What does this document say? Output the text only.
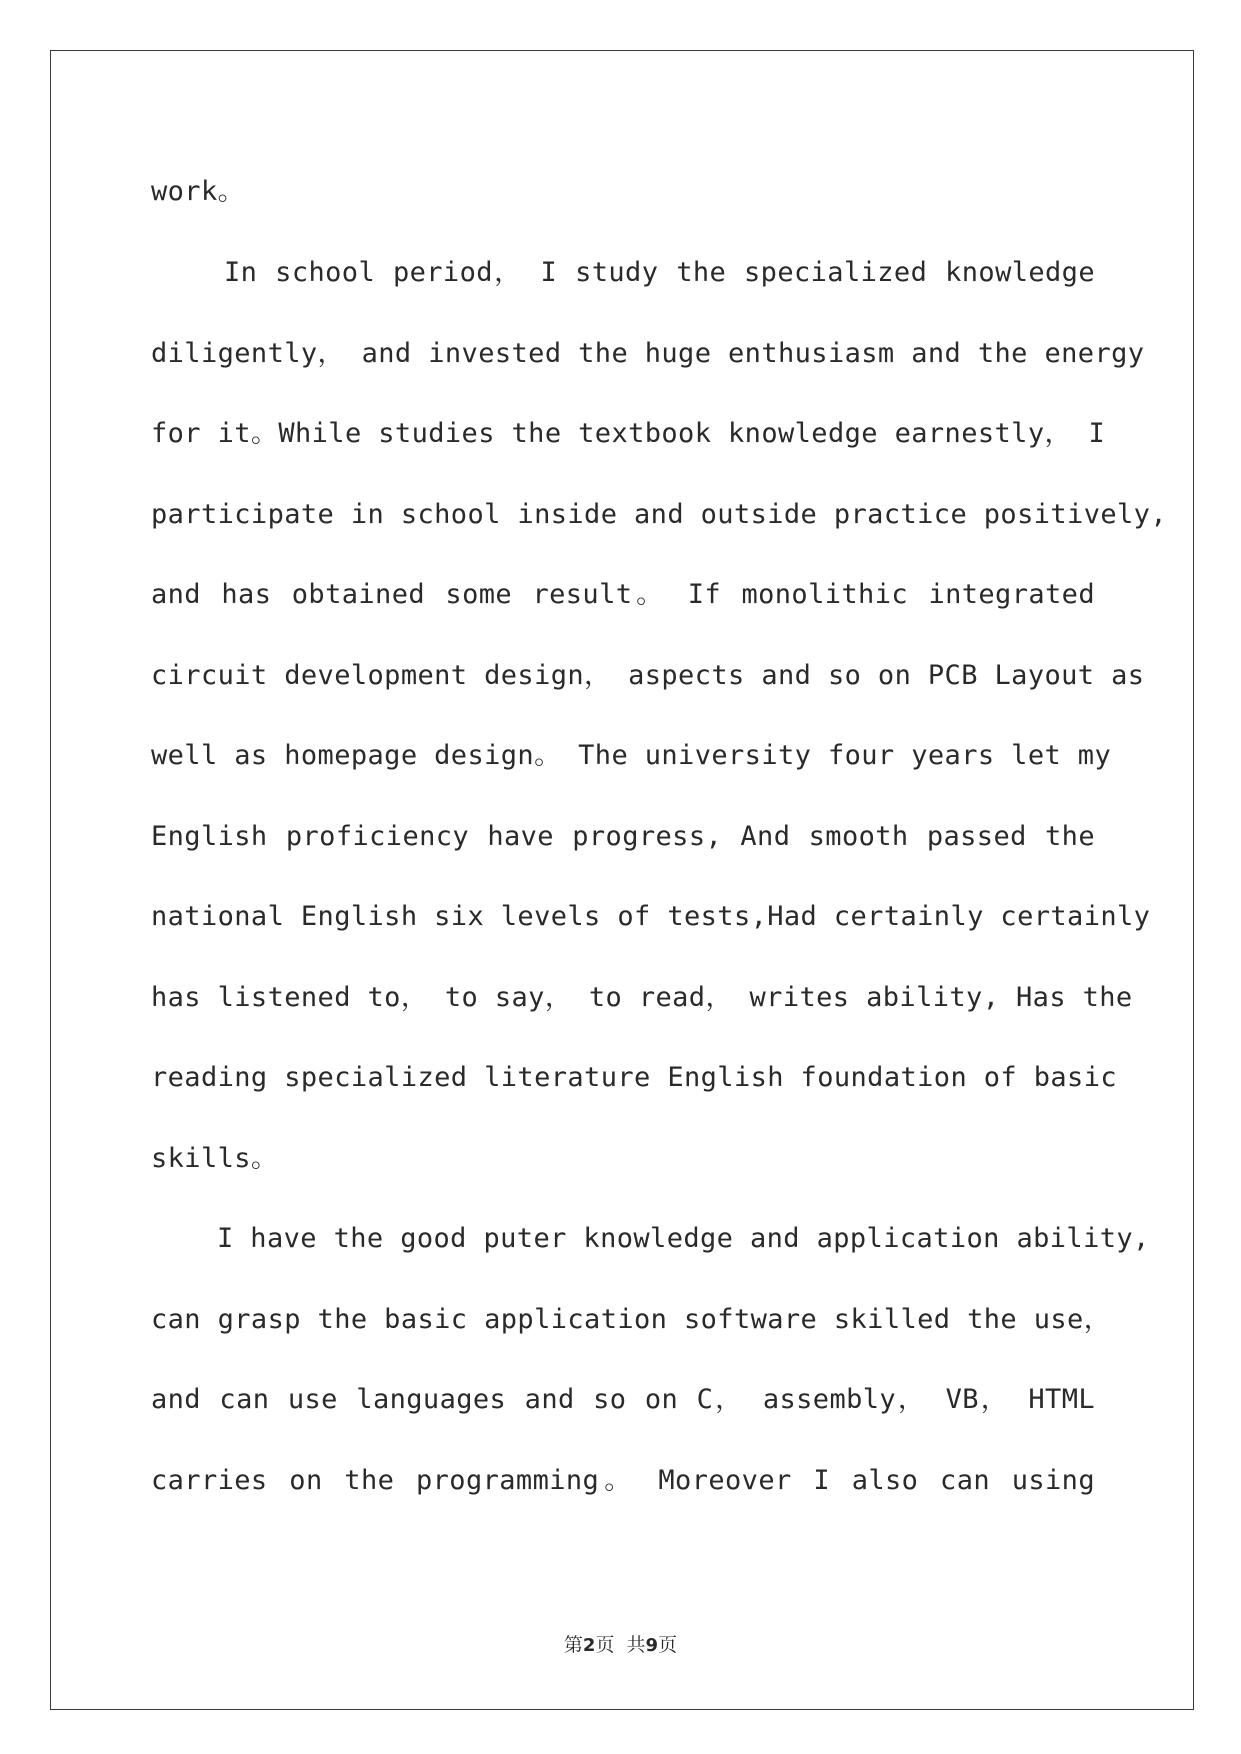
work。
In school period， I study the specialized knowledge
diligently， and invested the huge enthusiasm and the energy
for it。While studies the textbook knowledge earnestly， I
participate in school inside and outside practice positively,
and has obtained some result。 If monolithic integrated
circuit development design， aspects and so on PCB Layout as
well as homepage design。 The university four years let my
English proficiency have progress, And smooth passed the
national English six levels of tests,Had certainly certainly
has listened to， to say， to read， writes ability, Has the
reading specialized literature English foundation of basic
skills。
I have the good puter knowledge and application ability,
can grasp the basic application software skilled the use，
and can use languages and so on C， assembly， VB， HTML
carries on the programming。 Moreover I also can using
第2页  共9页
